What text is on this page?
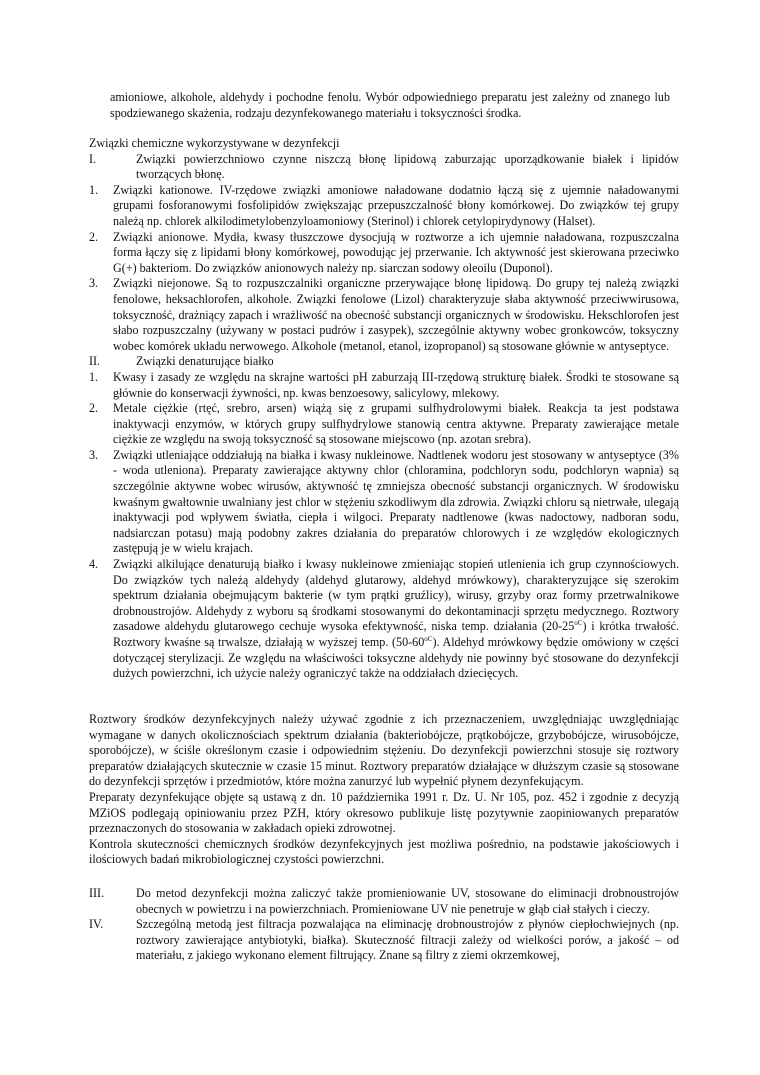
amioniowe, alkohole, aldehydy i pochodne fenolu. Wybór odpowiedniego preparatu jest zależny od znanego lub spodziewanego skażenia, rodzaju dezynfekowanego materiału i toksyczności środka.

Związki chemiczne wykorzystywane w dezynfekcji

I.	Związki powierzchniowo czynne niszczą błonę lipidową zaburzając uporządkowanie białek i lipidów tworzących błonę.

1. Związki kationowe. IV-rzędowe związki amoniowe naładowane dodatnio łączą się z ujemnie naładowanymi grupami fosforanowymi fosfolipidów zwiększając przepuszczalność błony komórkowej. Do związków tej grupy należą np. chlorek alkilodimetylobenzyloamoniowy (Sterinol) i chlorek cetylopirydynowy (Halset).

2. Związki anionowe. Mydła, kwasy tłuszczowe dysocjują w roztworze a ich ujemnie naładowana, rozpuszczalna forma łączy się z lipidami błony komórkowej, powodując jej przerwanie. Ich aktywność jest skierowana przeciwko G(+) bakteriom. Do związków anionowych należy np. siarczan sodowy oleoilu (Duponol).

3. Związki niejonowe. Są to rozpuszczalniki organiczne przerywające błonę lipidową. Do grupy tej należą związki fenolowe, heksachlorofen, alkohole. Związki fenolowe (Lizol) charakteryzuje słaba aktywność przeciwwirusowa, toksyczność, drażniący zapach i wrażliwość na obecność substancji organicznych w środowisku. Hekschlorofen jest słabo rozpuszczalny (używany w postaci pudrów i zasypek), szczególnie aktywny wobec gronkowców, toksyczny wobec komórek układu nerwowego. Alkohole (metanol, etanol, izopropanol) są stosowane głównie w antyseptyce.

II.	Związki denaturujące białko

1. Kwasy i zasady ze względu na skrajne wartości pH zaburzają III-rzędową strukturę białek. Środki te stosowane są głównie do konserwacji żywności, np. kwas benzoesowy, salicylowy, mlekowy.

2. Metale ciężkie (rtęć, srebro, arsen) wiążą się z grupami sulfhydrolowymi białek. Reakcja ta jest podstawa inaktywacji enzymów, w których grupy sulfhydrylowe stanowią centra aktywne. Preparaty zawierające metale ciężkie ze względu na swoją toksyczność są stosowane miejscowo (np. azotan srebra).

3. Związki utleniające oddziałują na białka i kwasy nukleinowe. Nadtlenek wodoru jest stosowany w antyseptyce (3% - woda utleniona). Preparaty zawierające aktywny chlor (chloramina, podchloryn sodu, podchloryn wapnia) są szczególnie aktywne wobec wirusów, aktywność tę zmniejsza obecność substancji organicznych. W środowisku kwaśnym gwałtownie uwalniany jest chlor w stężeniu szkodliwym dla zdrowia. Związki chloru są nietrwałe, ulegają inaktywacji pod wpływem światła, ciepła i wilgoci. Preparaty nadtlenowe (kwas nadoctowy, nadboran sodu, nadsiarczan potasu) mają podobny zakres działania do preparatów chlorowych i ze względów ekologicznych zastępują je w wielu krajach.

4. Związki alkilujące denaturują białko i kwasy nukleinowe zmieniając stopień utlenienia ich grup czynnościowych. Do związków tych należą aldehydy (aldehyd glutarowy, aldehyd mrówkowy), charakteryzujące się szerokim spektrum działania obejmującym bakterie (w tym prątki gruźlicy), wirusy, grzyby oraz formy przetrwalnikowe drobnoustrojów. Aldehydy z wyboru są środkami stosowanymi do dekontaminacji sprzętu medycznego. Roztwory zasadowe aldehydu glutarowego cechuje wysoka efektywność, niska temp. działania $(20-25^{oC})$ i krótka trwałość. Roztwory kwaśne są trwalsze, działają w wyższej temp. $(50-60^{oC})$. Aldehyd mrówkowy będzie omówiony w części dotyczącej sterylizacji. Ze względu na właściwości toksyczne aldehydy nie powinny być stosowane do dezynfekcji dużych powierzchni, ich użycie należy ograniczyć także na oddziałach dziecięcych.

Roztwory środków dezynfekcyjnych należy używać zgodnie z ich przeznaczeniem, uwzględniając uwzględniając wymagane w danych okolicznościach spektrum działania (bakteriobójcze, prątkobójcze, grzybobójcze, wirusobójcze, sporobójcze), w ściśle określonym czasie i odpowiednim stężeniu. Do dezynfekcji powierzchni stosuje się roztwory preparatów działających skutecznie w czasie 15 minut. Roztwory preparatów działające w dłuższym czasie są stosowane do dezynfekcji sprzętów i przedmiotów, które można zanurzyć lub wypełnić płynem dezynfekującym.

Preparaty dezynfekujące objęte są ustawą z dn. 10 października 1991 r. Dz. U. Nr 105, poz. 452 i zgodnie z decyzją MZiOS podlegają opiniowaniu przez PZH, który okresowo publikuje listę pozytywnie zaopiniowanych preparatów przeznaczonych do stosowania w zakładach opieki zdrowotnej.

Kontrola skuteczności chemicznych środków dezynfekcyjnych jest możliwa pośrednio, na podstawie jakościowych i ilościowych badań mikrobiologicznej czystości powierzchni.

III.	Do metod dezynfekcji można zaliczyć także promieniowanie UV, stosowane do eliminacji drobnoustrojów obecnych w powietrzu i na powierzchniach. Promieniowane UV nie penetruje w głąb ciał stałych i cieczy.

IV.	Szczególną metodą jest filtracja pozwalająca na eliminację drobnoustrojów z płynów ciepłochwiejnych (np. roztwory zawierające antybiotyki, białka). Skuteczność filtracji zależy od wielkości porów, a jakość – od materiału, z jakiego wykonano element filtrujący. Znane są filtry z ziemi okrzemkowej,
